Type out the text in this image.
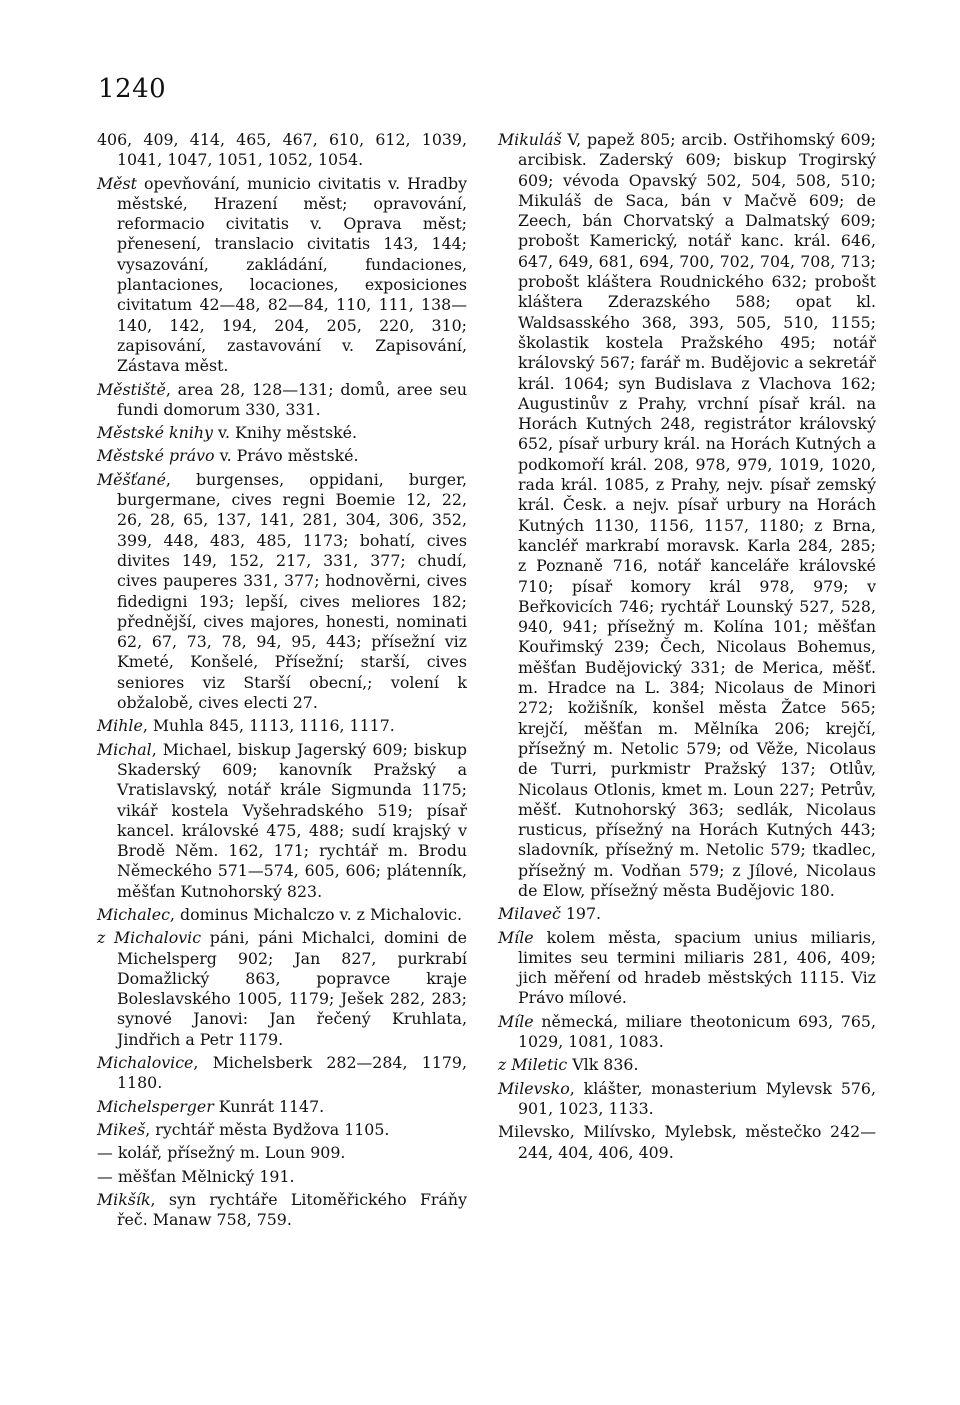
1240

406, 409, 414, 465, 467, 610, 612, 1039, 1041, 1047, 1051, 1052, 1054.

Měst opevňování, municio civitatis v. Hradby městské, Hrazení měst; opravování, reformacio civitatis v. Oprava měst; přenesení, translacio civitatis 143, 144; vysazování, zakládání, fundaciones, plantaciones, locaciones, exposiciones civitatum 42—48, 82—84, 110, 111, 138—140, 142, 194, 204, 205, 220, 310; zapisování, zastavování v. Zapisování, Zástava měst.

Městiště, area 28, 128—131; domů, aree seu fundi domorum 330, 331.

Městské knihy v. Knihy městské.

Městské právo v. Právo městské.

Měšťané, burgenses, oppidani, burger, burgermane, cives regni Boemie 12, 22, 26, 28, 65, 137, 141, 281, 304, 306, 352, 399, 448, 483, 485, 1173; bohatí, cives divites 149, 152, 217, 331, 377; chudí, cives pauperes 331, 377; hodnověrni, cives fidedigni 193; lepší, cives meliores 182; přednější, cives majores, honesti, nominati 62, 67, 73, 78, 94, 95, 443; přísežní viz Kmeté, Konšelé, Přísežní; starší, cives seniores viz Starší obecní,; volení k obžalobě, cives electi 27.

Mihle, Muhla 845, 1113, 1116, 1117.

Michal, Michael, biskup Jagerský 609; biskup Skaderský 609; kanovník Pražský a Vratislavský, notář krále Sigmunda 1175; vikář kostela Vyšehradského 519; písař kancel. královské 475, 488; sudí krajský v Brodě Něm. 162, 171; rychtář m. Brodu Německého 571—574, 605, 606; plátenník, měšťan Kutnohorský 823.

Michalec, dominus Michalczo v. z Michalovic.

z Michalovic páni, páni Michalci, domini de Michelsperg 902; Jan 827, purkrabí Domažlický 863, popravce kraje Boleslavského 1005, 1179; Ješek 282, 283; synové Janovi: Jan řečený Kruhlata, Jindřich a Petr 1179.

Michalovice, Michelsberk 282—284, 1179, 1180.

Michelsperger Kunrát 1147.

Mikeš, rychtář města Bydžova 1105.

— kolář, přísežný m. Loun 909.

— měšťan Mělnický 191.

Mikšík, syn rychtáře Litoměřického Fráňy řeč. Manaw 758, 759.

Mikuláš V, papež 805; arcib. Ostřihomský 609; arcibisk. Zaderský 609; biskup Trogirský 609; vévoda Opavský 502, 504, 508, 510; Mikuláš de Saca, bán v Mačvě 609; de Zeech, bán Chorvatský a Dalmatský 609; probošt Kamerický, notář kanc. král. 646, 647, 649, 681, 694, 700, 702, 704, 708, 713; probošt kláštera Roudnického 632; probošt kláštera Zderazského 588; opat kl. Waldsasského 368, 393, 505, 510, 1155; školastik kostela Pražského 495; notář královský 567; farář m. Budějovic a sekretář král. 1064; syn Budislava z Vlachova 162; Augustinův z Prahy, vrchní písař král. na Horách Kutných 248, registrátor královský 652, písař urbury král. na Horách Kutných a podkomoří král. 208, 978, 979, 1019, 1020, rada král. 1085, z Prahy, nejv. písař zemský král. Česk. a nejv. písař urbury na Horách Kutných 1130, 1156, 1157, 1180; z Brna, kancléř markrabí moravsk. Karla 284, 285; z Poznaně 716, notář kanceláře královské 710; písař komory král 978, 979; v Beřkovicích 746; rychtář Lounský 527, 528, 940, 941; přísežný m. Kolína 101; měšťan Kouřimský 239; Čech, Nicolaus Bohemus, měšťan Budějovický 331; de Merica, měšť. m. Hradce na L. 384; Nicolaus de Minori 272; kožišník, konšel města Žatce 565; krejčí, měšťan m. Mělníka 206; krejčí, přísežný m. Netolic 579; od Věže, Nicolaus de Turri, purkmistr Pražský 137; Otlův, Nicolaus Otlonis, kmet m. Loun 227; Petrův, měšť. Kutnohorský 363; sedlák, Nicolaus rusticus, přísežný na Horách Kutných 443; sladovník, přísežný m. Netolic 579; tkadlec, přísežný m. Vodňan 579; z Jílové, Nicolaus de Elow, přísežný města Budějovic 180.

Milaveč 197.

Míle kolem města, spacium unius miliaris, limites seu termini miliaris 281, 406, 409; jich měření od hradeb městských 1115. Viz Právo mílové.

Míle německá, miliare theotonicum 693, 765, 1029, 1081, 1083.

z Miletic Vlk 836.

Milevsko, klášter, monasterium Mylevsk 576, 901, 1023, 1133.

Milevsko, Milívsko, Mylebsk, městečko 242—244, 404, 406, 409.
